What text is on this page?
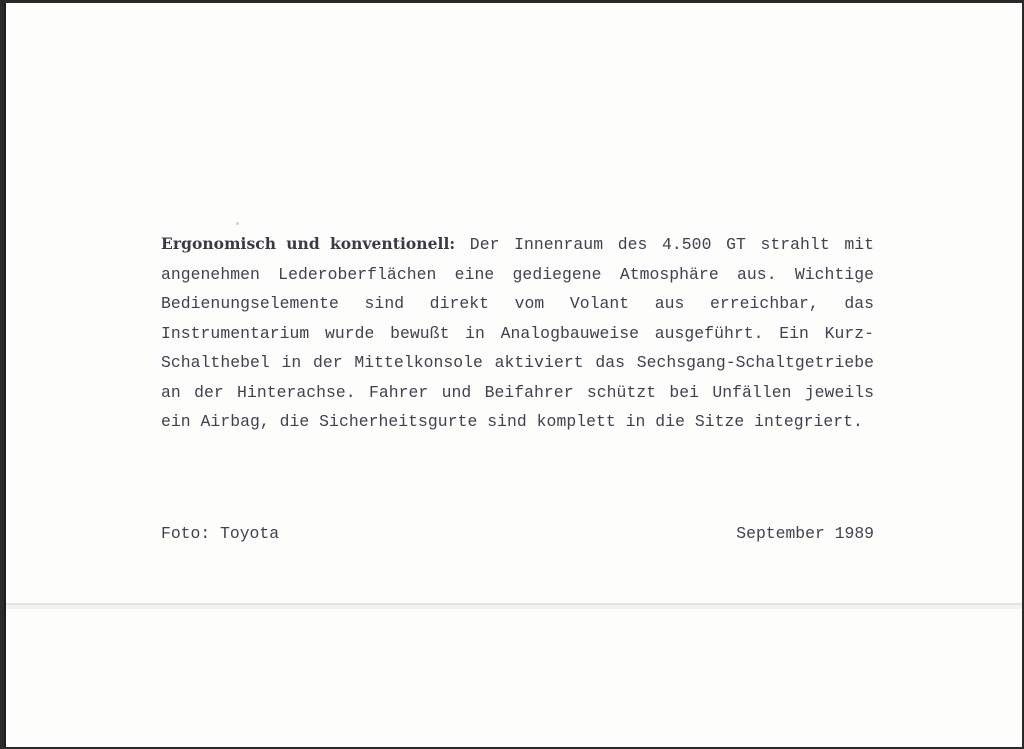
Ergonomisch und konventionell: Der Innenraum des 4.500 GT strahlt mit angenehmen Lederoberflächen eine gediegene Atmosphäre aus. Wichtige Bedienungselemente sind direkt vom Volant aus erreichbar, das Instrumentarium wurde bewußt in Analogbauweise ausgeführt. Ein Kurz-Schalthebel in der Mittelkonsole aktiviert das Sechsgang-Schaltgetriebe an der Hinterachse. Fahrer und Beifahrer schützt bei Unfällen jeweils ein Airbag, die Sicherheitsgurte sind komplett in die Sitze integriert.

Foto: Toyota	September 1989
